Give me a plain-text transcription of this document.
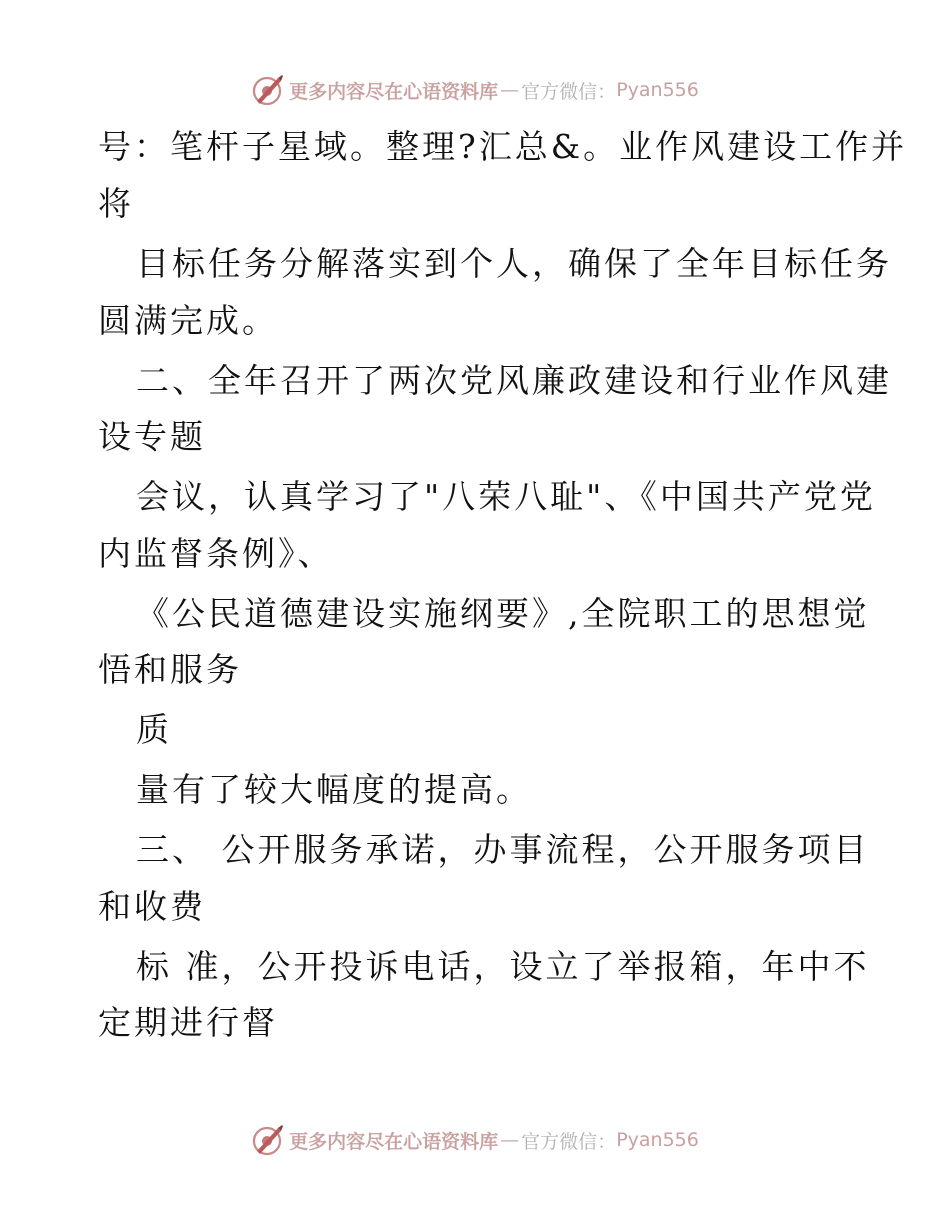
更多内容尽在心语资料库 — 官方微信： Pyan556
号：笔杆子星域。整理?汇总&。业作风建设工作并
将
目标任务分解落实到个人，确保了全年目标任务
圆满完成。
二、全年召开了两次党风廉政建设和行业作风建
设专题
会议，认真学习了"八荣八耻"、《中国共产党党
内监督条例》、
《公民道德建设实施纲要》,全院职工的思想觉
悟和服务
质
量有了较大幅度的提高。
三、 公开服务承诺，办事流程，公开服务项目
和收费
标 准，公开投诉电话，设立了举报箱，年中不
定期进行督
更多内容尽在心语资料库 — 官方微信： Pyan556
